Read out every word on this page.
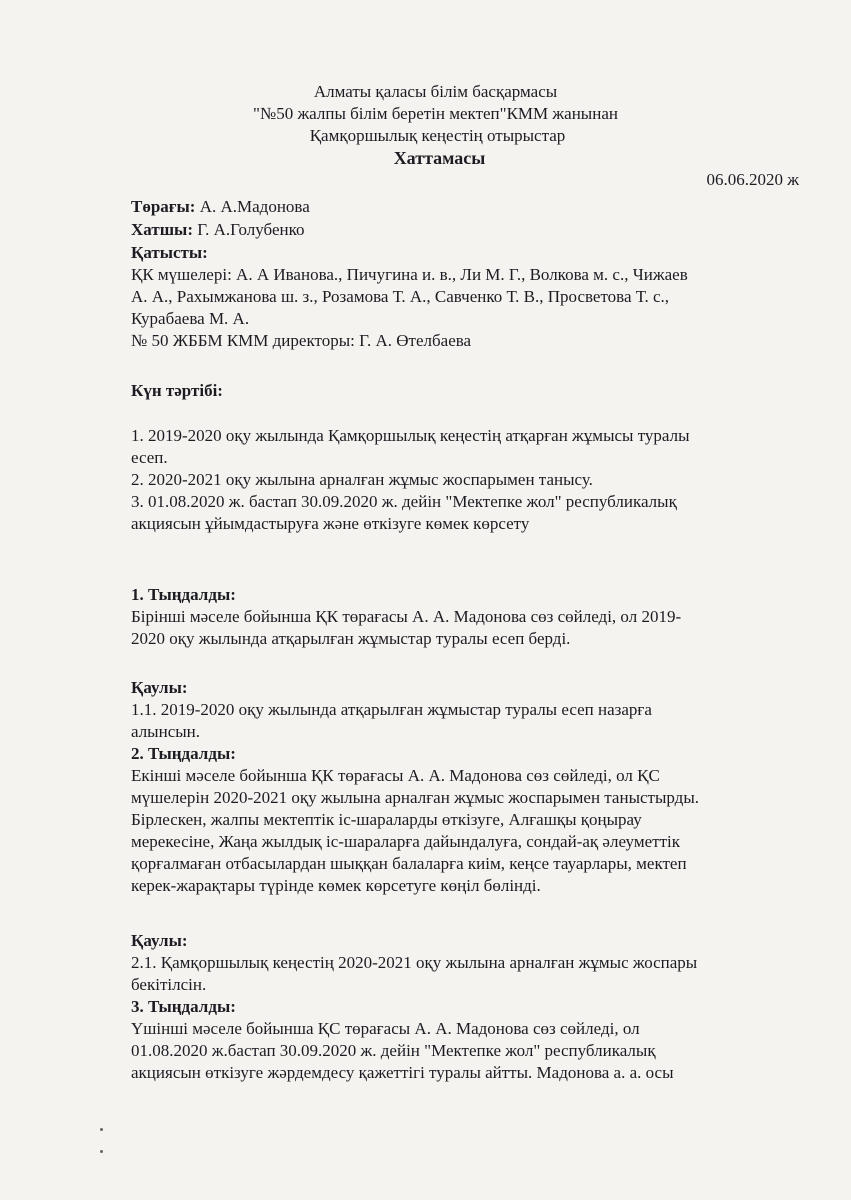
Алматы қаласы білім басқармасы
"№50 жалпы білім беретін мектеп"КММ жанынан
Қамқоршылық кеңестің отырыстар
Хаттамасы
06.06.2020 ж
Төрағы: А. А.Мадонова
Хатшы: Г. А.Голубенко
Қатысты:
ҚК мүшелері: А. А Иванова., Пичугина и. в., Ли М. Г., Волкова м. с., Чижаев
А. А., Рахымжанова ш. з., Розамова Т. А., Савченко Т. В., Просветова Т. с.,
Курабаева М. А.
№ 50 ЖББМ КММ директоры: Г. А. Өтелбаева
Күн тәртібі:
1. 2019-2020 оқу жылында Қамқоршылық кеңестің атқарған жұмысы туралы
есеп.
2. 2020-2021 оқу жылына арналған жұмыс жоспарымен танысу.
3. 01.08.2020 ж. бастап 30.09.2020 ж. дейін "Мектепке жол" республикалық
акциясын ұйымдастыруға және өткізуге көмек көрсету
1. Тыңдалды:
Бірінші мәселе бойынша ҚК төрағасы А. А. Мадонова сөз сөйледі, ол 2019-
2020 оқу жылында атқарылған жұмыстар туралы есеп берді.
Қаулы:
1.1. 2019-2020 оқу жылында атқарылған жұмыстар туралы есеп назарға
алынсын.
2. Тыңдалды:
Екінші мәселе бойынша ҚК төрағасы А. А. Мадонова сөз сөйледі, ол ҚС
мүшелерін 2020-2021 оқу жылына арналған жұмыс жоспарымен таныстырды.
Бірлескен, жалпы мектептік іс-шараларды өткізуге, Алғашқы қоңырау
мерекесіне, Жаңа жылдық іс-шараларға дайындалуға, сондай-ақ әлеуметтік
қорғалмаған отбасылардан шыққан балаларға киім, кеңсе тауарлары, мектеп
керек-жарақтары түрінде көмек көрсетуге көңіл бөлінді.
Қаулы:
2.1. Қамқоршылық кеңестің 2020-2021 оқу жылына арналған жұмыс жоспары
бекітілсін.
3. Тыңдалды:
Үшінші мәселе бойынша ҚС төрағасы А. А. Мадонова сөз сөйледі, ол
01.08.2020 ж.бастап 30.09.2020 ж. дейін "Мектепке жол" республикалық
акциясын өткізуге жәрдемдесу қажеттігі туралы айтты. Мадонова а. а. осы
